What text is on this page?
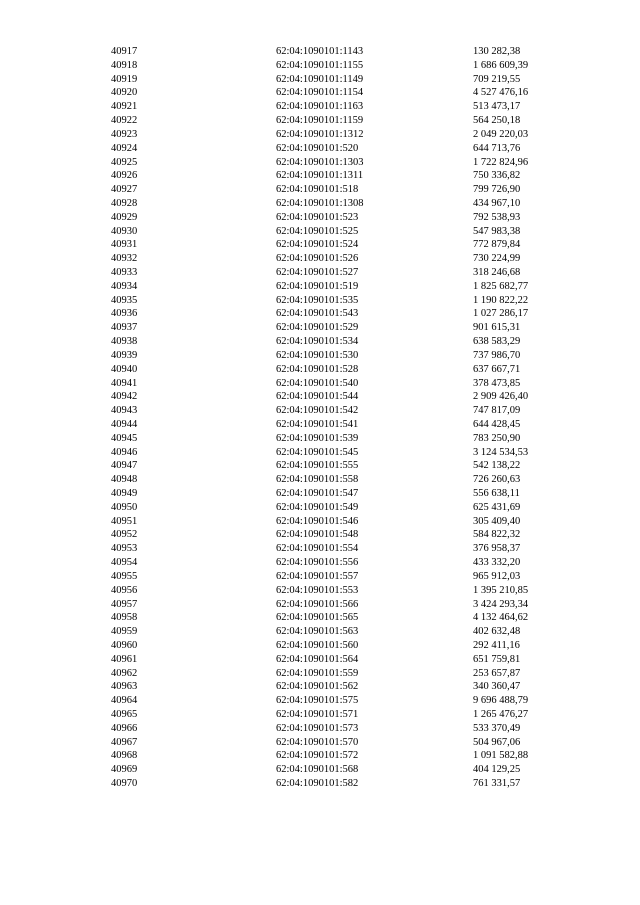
40917	62:04:1090101:1143	130 282,38
40918	62:04:1090101:1155	1 686 609,39
40919	62:04:1090101:1149	709 219,55
40920	62:04:1090101:1154	4 527 476,16
40921	62:04:1090101:1163	513 473,17
40922	62:04:1090101:1159	564 250,18
40923	62:04:1090101:1312	2 049 220,03
40924	62:04:1090101:520	644 713,76
40925	62:04:1090101:1303	1 722 824,96
40926	62:04:1090101:1311	750 336,82
40927	62:04:1090101:518	799 726,90
40928	62:04:1090101:1308	434 967,10
40929	62:04:1090101:523	792 538,93
40930	62:04:1090101:525	547 983,38
40931	62:04:1090101:524	772 879,84
40932	62:04:1090101:526	730 224,99
40933	62:04:1090101:527	318 246,68
40934	62:04:1090101:519	1 825 682,77
40935	62:04:1090101:535	1 190 822,22
40936	62:04:1090101:543	1 027 286,17
40937	62:04:1090101:529	901 615,31
40938	62:04:1090101:534	638 583,29
40939	62:04:1090101:530	737 986,70
40940	62:04:1090101:528	637 667,71
40941	62:04:1090101:540	378 473,85
40942	62:04:1090101:544	2 909 426,40
40943	62:04:1090101:542	747 817,09
40944	62:04:1090101:541	644 428,45
40945	62:04:1090101:539	783 250,90
40946	62:04:1090101:545	3 124 534,53
40947	62:04:1090101:555	542 138,22
40948	62:04:1090101:558	726 260,63
40949	62:04:1090101:547	556 638,11
40950	62:04:1090101:549	625 431,69
40951	62:04:1090101:546	305 409,40
40952	62:04:1090101:548	584 822,32
40953	62:04:1090101:554	376 958,37
40954	62:04:1090101:556	433 332,20
40955	62:04:1090101:557	965 912,03
40956	62:04:1090101:553	1 395 210,85
40957	62:04:1090101:566	3 424 293,34
40958	62:04:1090101:565	4 132 464,62
40959	62:04:1090101:563	402 632,48
40960	62:04:1090101:560	292 411,16
40961	62:04:1090101:564	651 759,81
40962	62:04:1090101:559	253 657,87
40963	62:04:1090101:562	340 360,47
40964	62:04:1090101:575	9 696 488,79
40965	62:04:1090101:571	1 265 476,27
40966	62:04:1090101:573	533 370,49
40967	62:04:1090101:570	504 967,06
40968	62:04:1090101:572	1 091 582,88
40969	62:04:1090101:568	404 129,25
40970	62:04:1090101:582	761 331,57
